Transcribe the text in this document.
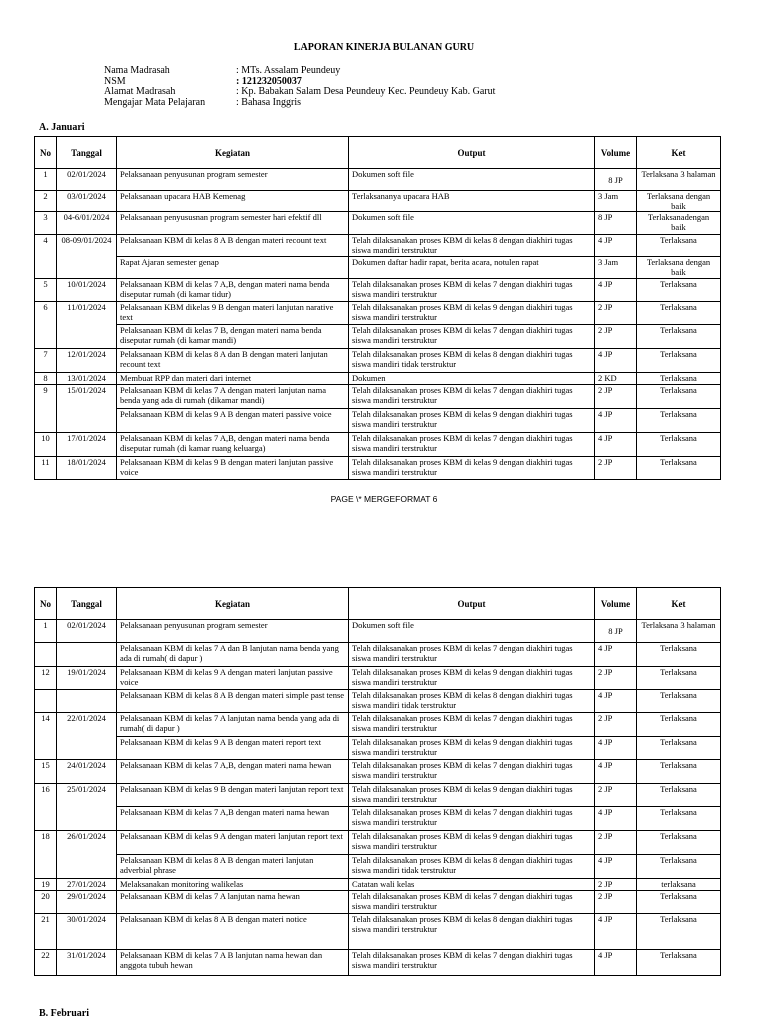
LAPORAN KINERJA BULANAN GURU
Nama Madrasah	: MTs. Assalam Peundeuy
NSM	: 121232050037
Alamat Madrasah	: Kp. Babakan Salam Desa Peundeuy Kec. Peundeuy Kab. Garut
Mengajar Mata Pelajaran	: Bahasa Inggris
A. Januari
No	Tanggal	Kegiatan	Output	Volume	Ket
1	02/01/2024	Pelaksanaan penyusunan program semester	Dokumen soft file	8 JP	Terlaksana 3 halaman
2	03/01/2024	Pelaksanaan upacara HAB Kemenag	Terlaksananya upacara HAB	3 Jam	Terlaksana dengan baik
3	04-6/01/2024	Pelaksanaan penyususnan program semester hari efektif dll	Dokumen soft file	8 JP	Terlaksanadengan baik
4	08-09/01/2024	Pelaksanaan KBM di kelas 8 A B dengan materi recount text	Telah dilaksanakan proses KBM di kelas 8 dengan diakhiri tugas siswa mandiri terstruktur	4 JP	Terlaksana
		Rapat Ajaran semester genap	Dokumen daftar hadir rapat, berita acara, notulen rapat	3 Jam	Terlaksana dengan baik
5	10/01/2024	Pelaksanaan KBM di kelas 7 A,B, dengan materi nama benda diseputar rumah (di kamar tidur)	Telah dilaksanakan proses KBM di kelas 7 dengan diakhiri tugas siswa mandiri terstruktur	4 JP	Terlaksana
6	11/01/2024	Pelaksanaan KBM dikelas 9 B dengan materi lanjutan narative text	Telah dilaksanakan proses KBM di kelas 9 dengan diakhiri tugas siswa mandiri terstruktur	2 JP	Terlaksana
		Pelaksanaan KBM di kelas 7 B, dengan materi nama benda diseputar rumah (di kamar mandi)	Telah dilaksanakan proses KBM di kelas 7 dengan diakhiri tugas siswa mandiri terstruktur	2 JP	Terlaksana
7	12/01/2024	Pelaksanaan KBM di kelas 8 A dan B dengan materi lanjutan recount text	Telah dilaksanakan proses KBM di kelas 8 dengan diakhiri tugas siswa mandiri tidak terstruktur	4 JP	Terlaksana
8	13/01/2024	Membuat RPP dan materi dari internet	Dokumen	2 KD	Terlaksana
9	15/01/2024	Pelaksanaan KBM di kelas 7 A dengan materi lanjutan nama benda yang ada di rumah (dikamar mandi)	Telah dilaksanakan proses KBM di kelas 7 dengan diakhiri tugas siswa mandiri terstruktur	2 JP	Terlaksana
		Pelaksanaan KBM di kelas 9 A B dengan materi passive voice	Telah dilaksanakan proses KBM di kelas 9 dengan diakhiri tugas siswa mandiri terstruktur	4 JP	Terlaksana
10	17/01/2024	Pelaksanaan KBM di kelas 7 A,B, dengan materi nama benda diseputar rumah (di kamar ruang keluarga)	Telah dilaksanakan proses KBM di kelas 7 dengan diakhiri tugas siswa mandiri terstruktur	4 JP	Terlaksana
11	18/01/2024	Pelaksanaan KBM di kelas 9 B dengan materi lanjutan passive voice	Telah dilaksanakan proses KBM di kelas 9 dengan diakhiri tugas siswa mandiri terstruktur	2 JP	Terlaksana
PAGE \* MERGEFORMAT 6
No	Tanggal	Kegiatan	Output	Volume	Ket
1	02/01/2024	Pelaksanaan penyusunan program semester	Dokumen soft file	8 JP	Terlaksana 3 halaman
		Pelaksanaan KBM di kelas 7 A dan B lanjutan nama benda yang ada di rumah( di dapur )	Telah dilaksanakan proses KBM di kelas 7 dengan diakhiri tugas siswa mandiri terstruktur	4 JP	Terlaksana
12	19/01/2024	Pelaksanaan KBM di kelas 9 A dengan materi lanjutan passive voice	Telah dilaksanakan proses KBM di kelas 9 dengan diakhiri tugas siswa mandiri terstruktur	2 JP	Terlaksana
		Pelaksanaan KBM di kelas 8 A B dengan materi simple past tense	Telah dilaksanakan proses KBM di kelas 8 dengan diakhiri tugas siswa mandiri tidak terstruktur	4 JP	Terlaksana
14	22/01/2024	Pelaksanaan KBM di kelas 7 A lanjutan nama benda yang ada di rumah( di dapur )	Telah dilaksanakan proses KBM di kelas 7 dengan diakhiri tugas siswa mandiri terstruktur	2 JP	Terlaksana
		Pelaksanaan KBM di kelas 9 A B dengan materi report text	Telah dilaksanakan proses KBM di kelas 9 dengan diakhiri tugas siswa mandiri terstruktur	4 JP	Terlaksana
15	24/01/2024	Pelaksanaan KBM di kelas 7 A,B, dengan materi nama hewan	Telah dilaksanakan proses KBM di kelas 7 dengan diakhiri tugas siswa mandiri terstruktur	4 JP	Terlaksana
16	25/01/2024	Pelaksanaan KBM di kelas 9 B dengan materi lanjutan report text	Telah dilaksanakan proses KBM di kelas 9 dengan diakhiri tugas siswa mandiri terstruktur	2 JP	Terlaksana
		Pelaksanaan KBM di kelas 7 A,B dengan materi nama hewan	Telah dilaksanakan proses KBM di kelas 7 dengan diakhiri tugas siswa mandiri terstruktur	4 JP	Terlaksana
18	26/01/2024	Pelaksanaan KBM di kelas 9 A dengan materi lanjutan report text	Telah dilaksanakan proses KBM di kelas 9 dengan diakhiri tugas siswa mandiri terstruktur	2 JP	Terlaksana
		Pelaksanaan KBM di kelas 8 A B dengan materi lanjutan adverbial phrase	Telah dilaksanakan proses KBM di kelas 8 dengan diakhiri tugas siswa mandiri tidak terstruktur	4 JP	Terlaksana
19	27/01/2024	Melaksanakan monitoring walikelas	Catatan wali kelas	2 JP	terlaksana
20	29/01/2024	Pelaksanaan KBM di kelas 7 A lanjutan nama hewan	Telah dilaksanakan proses KBM di kelas 7 dengan diakhiri tugas siswa mandiri terstruktur	2 JP	Terlaksana
21	30/01/2024	Pelaksanaan KBM di kelas 8 A B dengan materi notice	Telah dilaksanakan proses KBM di kelas 8 dengan diakhiri tugas siswa mandiri terstruktur	4 JP	Terlaksana
22	31/01/2024	Pelaksanaan KBM di kelas 7 A B lanjutan nama hewan dan anggota tubuh hewan	Telah dilaksanakan proses KBM di kelas 7 dengan diakhiri tugas siswa mandiri terstruktur	4 JP	Terlaksana
B. Februari
